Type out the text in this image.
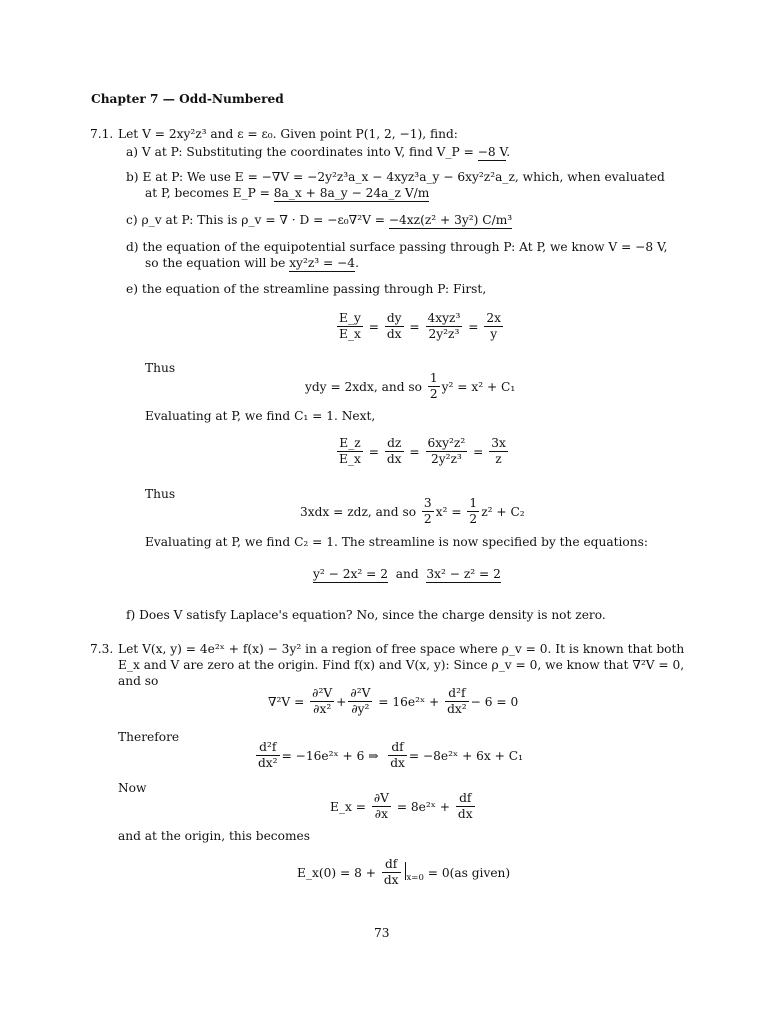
Chapter 7 — Odd-Numbered
7.1. Let V = 2xy²z³ and ε = ε₀. Given point P(1, 2, −1), find:
a) V at P: Substituting the coordinates into V, find V_P = −8 V.
b) E at P: We use E = −∇V = −2y²z³a_x − 4xyz³a_y − 6xy²z²a_z, which, when evaluated
at P, becomes E_P = 8a_x + 8a_y − 24a_z V/m
c) ρ_v at P: This is ρ_v = ∇ · D = −ε₀∇²V = −4xz(z² + 3y²) C/m³
d) the equation of the equipotential surface passing through P: At P, we know V = −8 V,
so the equation will be xy²z³ = −4.
e) the equation of the streamline passing through P: First,
$\frac{E\_y}{E\_x} = \frac{dy}{dx} = \frac{\text{4xyz³}}{\text{2y²z³}} = \frac{2x}{y}$
Thus
ydy = 2xdx, and so
$\frac{1}{2} y^2 = x^2 + C_1$
Evaluating at P, we find C₁ = 1. Next,
$\frac{E\_z}{E\_x} = \frac{dz}{dx} = \frac{\text{6xy²z²}}{\text{2y²z³}} = \frac{3x}{z}$
Thus
3xdx = zdz, and so
$\frac{3}{2} x^2$ =
$\frac{1}{2} z^2 + C_2$
Evaluating at P, we find C₂ = 1. The streamline is now specified by the equations:
y² − 2x² = 2 and 3x² − z² = 2
f) Does V satisfy Laplace's equation? No, since the charge density is not zero.
7.3. Let V(x, y) = 4e²ˣ + f(x) − 3y² in a region of free space where ρ_v = 0. It is known that both
E_x and V are zero at the origin. Find f(x) and V(x, y): Since ρ_v = 0, we know that ∇²V = 0,
and so
∇²V =
$\frac{\text{∂²V}}{\text{∂x²}} + \frac{\text{∂²V}}{\text{∂y²}}$
= 16e²ˣ +
$\frac{\text{d²f}}{\text{dx²}} - 6 = 0$
Therefore
$\frac{\text{d²f}}{\text{dx²}}$ = −16e²ˣ + 6 ⇒
$\frac{df}{dx}$ = −8e²ˣ + 6x + C₁
Now
E_x =
$\frac{\partial V}{\partial x}$
= 8e²ˣ +
$\frac{df}{dx}$
and at the origin, this becomes
E_x(0) = 8 +
$\frac{df}{dx} x=0$
= 0(as given)
73
